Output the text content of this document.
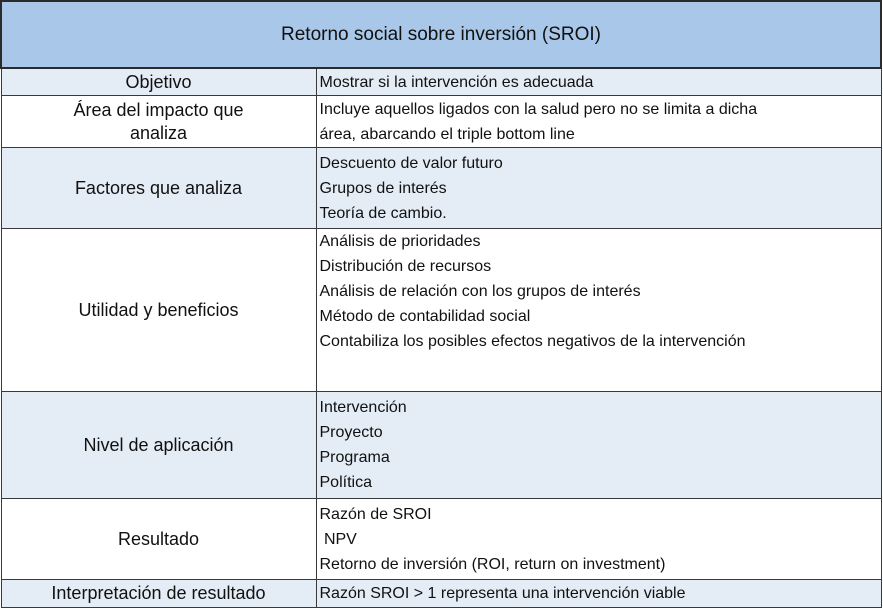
Retorno social sobre inversión (SROI)	
Objetivo	Mostrar si la intervención es adecuada

Área del impacto que
analiza	Incluye aquellos ligados con la salud pero no se limita a dicha
área, abarcando el triple bottom line

Factores que analiza	Descuento de valor futuro
Grupos de interés
Teoría de cambio.

Utilidad y beneficios	Análisis de prioridades
Distribución de recursos
Análisis de relación con los grupos de interés
Método de contabilidad social
Contabiliza los posibles efectos negativos de la intervención

Nivel de aplicación	Intervención
Proyecto
Programa
Política

Resultado	Razón de SROI
NPV
Retorno de inversión (ROI, return on investment)

Interpretación de resultado	Razón SROI > 1 representa una intervención viable
